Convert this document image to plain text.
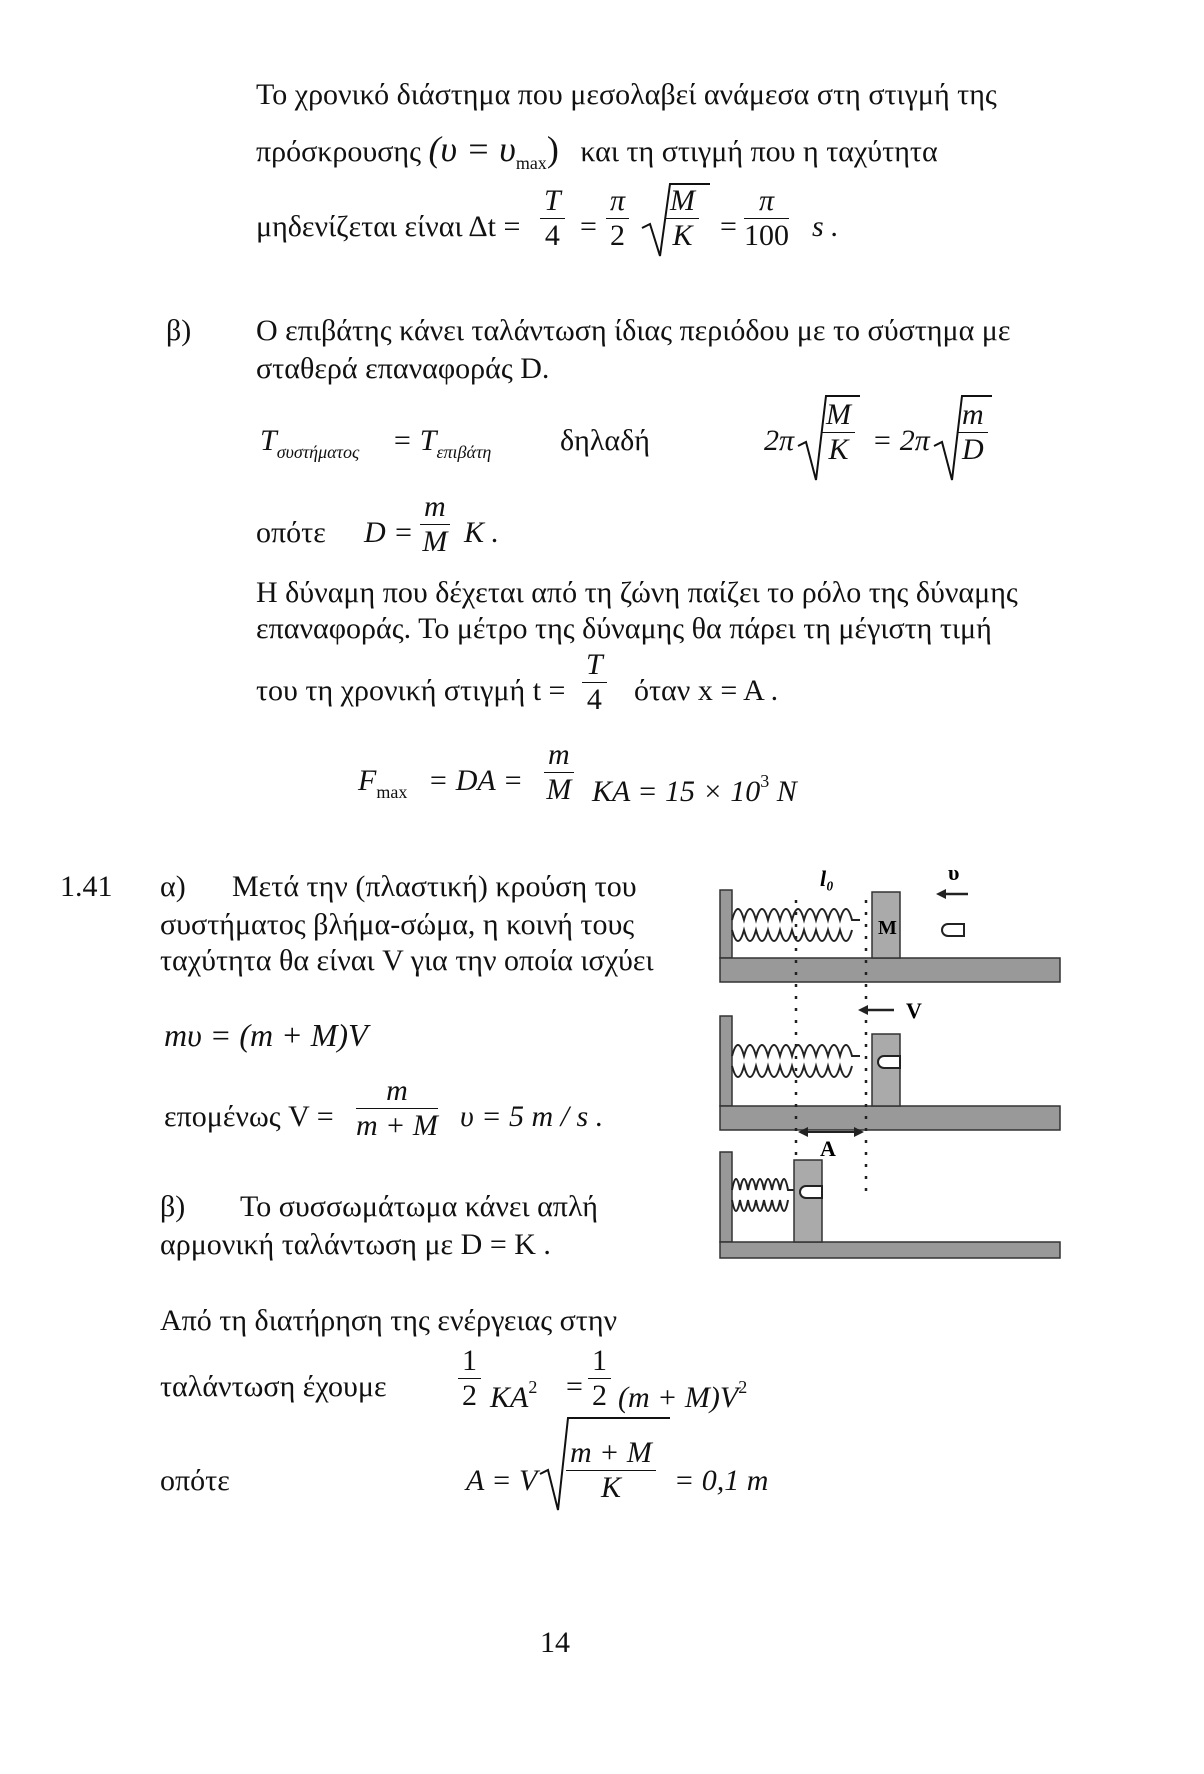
Το χρονικό διάστημα που μεσολαβεί ανάμεσα στη στιγμή της
πρόσκρουσης $(\upsilon = \upsilon_{max})$ και τη στιγμή που η ταχύτητα
μηδενίζεται είναι $\Delta t = \frac{T}{4} = \frac{\pi}{2} \frac{M}{K} = \frac{\pi}{100}$ s .
β) Ο επιβάτης κάνει ταλάντωση ίδιας περιόδου με το σύστημα με
σταθερά επαναφοράς D.
$T_{\sigma\upsilon\sigma\tau ή\mu\alpha\tau o\varsigma} = T_{\varepsilon\pi\iota\beta ά\tau\eta}$ δηλαδή	$2\pi \frac{M}{K} = 2\pi \frac{m}{D}$
οπότε $D = \frac{m}{M}$ K .
Η δύναμη που δέχεται από τη ζώνη παίζει το ρόλο της δύναμης
επαναφοράς. Το μέτρο της δύναμης θα πάρει τη μέγιστη τιμή
του τη χρονική στιγμή $t = \frac{T}{4}$ όταν x = A .
$F_{max}$ = DA = $\frac{m}{M}$ KA = $15 \times 10^3$ N
1.41 α) Μετά την (πλαστική) κρούση του
συστήματος βλήμα-σώμα, η κοινή τους
ταχύτητα θα είναι V για την οποία ισχύει
mυ = (m + M)V
επομένως $V = \frac{m}{m + M}$ υ = 5 m / s .
β) Το συσσωμάτωμα κάνει απλή
αρμονική ταλάντωση με D = K .
Από τη διατήρηση της ενέργειας στην
ταλάντωση έχουμε $\frac{1}{2} KA^2 = \frac{1}{2} (m + M)V^2$
οπότε	A = V $\frac{m + M}{K} = 0,1$ m
M
l₀	υ
V
A
14
